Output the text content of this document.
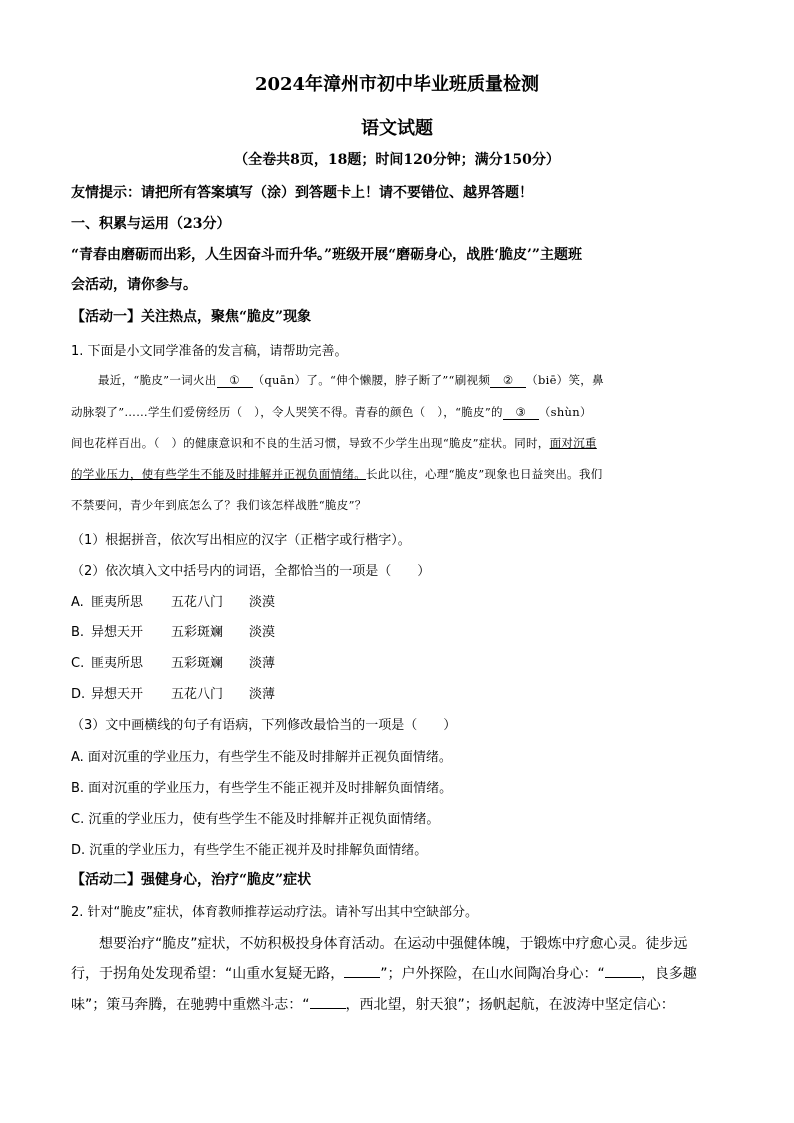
2024年漳州市初中毕业班质量检测
语文试题
（全卷共8页，18题；时间120分钟；满分150分）
友情提示：请把所有答案填写（涂）到答题卡上！请不要错位、越界答题！
一、积累与运用（23分）
“青春由磨砺而出彩，人生因奋斗而升华。”班级开展“磨砺身心，战胜‘脆皮’”主题班
会活动，请你参与。
【活动一】关注热点，聚焦“脆皮”现象
1. 下面是小文同学准备的发言稿，请帮助完善。
最近，“脆皮”一词火出 ① （quān）了。“伸个懒腰，脖子断了”“刷视频 ② （biē）笑，鼻
动脉裂了”……学生们爱傍经历（　），令人哭笑不得。青春的颜色（　），“脆皮”的 ③ （shùn）
间也花样百出。（　）的健康意识和不良的生活习惯，导致不少学生出现“脆皮”症状。同时，面对沉重
的学业压力，使有些学生不能及时排解并正视负面情绪。长此以往，心理“脆皮”现象也日益突出。我们
不禁要问，青少年到底怎么了？我们该怎样战胜“脆皮”？
（1）根据拼音，依次写出相应的汉字（正楷字或行楷字）。
（2）依次填入文中括号内的词语，全都恰当的一项是（　　）
A. 匪夷所思 五花八门 淡漠
B. 异想天开 五彩斑斓 淡漠
C. 匪夷所思 五彩斑斓 淡薄
D. 异想天开 五花八门 淡薄
（3）文中画横线的句子有语病，下列修改最恰当的一项是（　　）
A. 面对沉重的学业压力，有些学生不能及时排解并正视负面情绪。
B. 面对沉重的学业压力，有些学生不能正视并及时排解负面情绪。
C. 沉重的学业压力，使有些学生不能及时排解并正视负面情绪。
D. 沉重的学业压力，有些学生不能正视并及时排解负面情绪。
【活动二】强健身心，治疗“脆皮”症状
2. 针对“脆皮”症状，体育教师推荐运动疗法。请补写出其中空缺部分。
想要治疗“脆皮”症状，不妨积极投身体育活动。在运动中强健体魄，于锻炼中疗愈心灵。徒步远
行，于拐角处发现希望：“山重水复疑无路，	”；户外探险，在山水间陶冶身心：“	，良多趣
味”；策马奔腾，在驰骋中重燃斗志：“	，西北望，射天狼”；扬帆起航，在波涛中坚定信心：
